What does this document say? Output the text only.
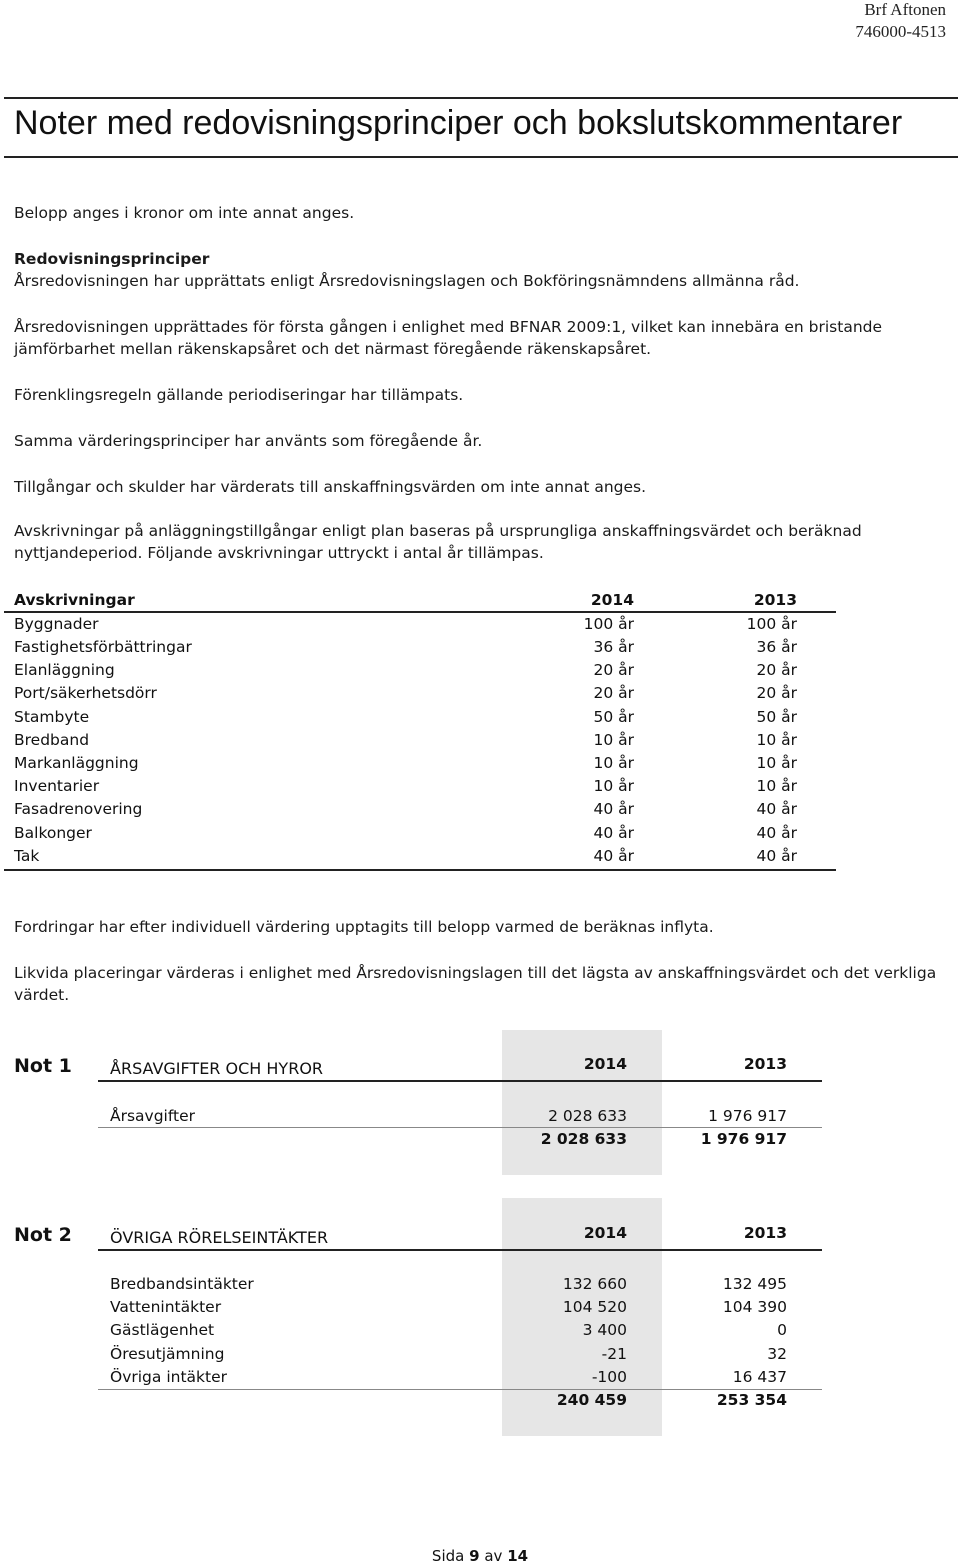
Brf Aftonen
746000-4513
Noter med redovisningsprinciper och bokslutskommentarer
Belopp anges i kronor om inte annat anges.
Redovisningsprinciper
Årsredovisningen har upprättats enligt Årsredovisningslagen och Bokföringsnämndens allmänna råd.
Årsredovisningen upprättades för första gången i enlighet med BFNAR 2009:1, vilket kan innebära en bristande
jämförbarhet mellan räkenskapsåret och det närmast föregående räkenskapsåret.
Förenklingsregeln gällande periodiseringar har tillämpats.
Samma värderingsprinciper har använts som föregående år.
Tillgångar och skulder har värderats till anskaffningsvärden om inte annat anges.
Avskrivningar på anläggningstillgångar enligt plan baseras på ursprungliga anskaffningsvärdet och beräknad
nyttjandeperiod. Följande avskrivningar uttryckt i antal år tillämpas.
Avskrivningar	2014	2013
Byggnader	100 år	100 år
Fastighetsförbättringar	36 år	36 år
Elanläggning	20 år	20 år
Port/säkerhetsdörr	20 år	20 år
Stambyte	50 år	50 år
Bredband	10 år	10 år
Markanläggning	10 år	10 år
Inventarier	10 år	10 år
Fasadrenovering	40 år	40 år
Balkonger	40 år	40 år
Tak	40 år	40 år
Fordringar har efter individuell värdering upptagits till belopp varmed de beräknas inflyta.
Likvida placeringar värderas i enlighet med Årsredovisningslagen till det lägsta av anskaffningsvärdet och det verkliga
värdet.
Not 1 ÅRSAVGIFTER OCH HYROR	2014	2013
Årsavgifter	2 028 633	1 976 917
2 028 633	1 976 917
Not 2 ÖVRIGA RÖRELSEINTÄKTER	2014	2013
Bredbandsintäkter	132 660	132 495
Vattenintäkter	104 520	104 390
Gästlägenhet	3 400	0
Öresutjämning	-21	32
Övriga intäkter	-100	16 437
240 459	253 354
Sida 9 av 14
